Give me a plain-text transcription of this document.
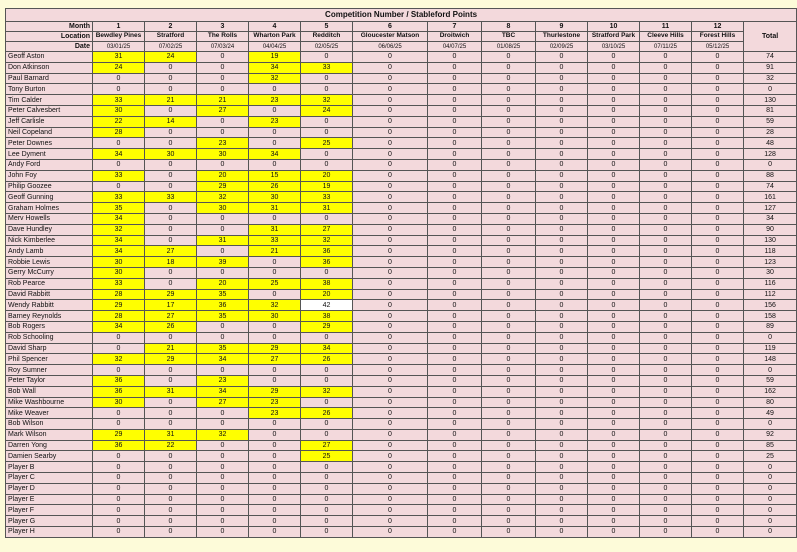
Competition Number / Stableford Points													
Month	1	2	3	4	5	6	7	8	9	10	11	12	Total
Location	Bewdley Pines	Stratford	The Rolls	Wharton Park	Redditch	Gloucester Matson	Droitwich	TBC	Thurlestone	Stratford Park	Cleeve Hills	Forest Hills	
Date	03/01/25	07/02/25	07/03/24	04/04/25	02/05/25	06/06/25	04/07/25	01/08/25	02/09/25	03/10/25	07/11/25	05/12/25	
Geoff Aston	31	24	0	19	0	0	0	0	0	0	0	0	74
Don Atkinson	24	0	0	34	33	0	0	0	0	0	0	0	91
Paul Barnard	0	0	0	32	0	0	0	0	0	0	0	0	32
Tony Burton	0	0	0	0	0	0	0	0	0	0	0	0	0
Tim Calder	33	21	21	23	32	0	0	0	0	0	0	0	130
Peter Calvesbert	30	0	27	0	24	0	0	0	0	0	0	0	81
Jeff Carlisle	22	14	0	23	0	0	0	0	0	0	0	0	59
Neil Copeland	28	0	0	0	0	0	0	0	0	0	0	0	28
Peter Downes	0	0	23	0	25	0	0	0	0	0	0	0	48
Lee Dyment	34	30	30	34	0	0	0	0	0	0	0	0	128
Andy Ford	0	0	0	0	0	0	0	0	0	0	0	0	0
John Foy	33	0	20	15	20	0	0	0	0	0	0	0	88
Philip Goozee	0	0	29	26	19	0	0	0	0	0	0	0	74
Geoff Gunning	33	33	32	30	33	0	0	0	0	0	0	0	161
Graham Holmes	35	0	30	31	31	0	0	0	0	0	0	0	127
Merv Howells	34	0	0	0	0	0	0	0	0	0	0	0	34
Dave Hundley	32	0	0	31	27	0	0	0	0	0	0	0	90
Nick Kimberlee	34	0	31	33	32	0	0	0	0	0	0	0	130
Andy Lamb	34	27	0	21	36	0	0	0	0	0	0	0	118
Robbie Lewis	30	18	39	0	36	0	0	0	0	0	0	0	123
Gerry McCurry	30	0	0	0	0	0	0	0	0	0	0	0	30
Rob Pearce	33	0	20	25	38	0	0	0	0	0	0	0	116
David Rabbitt	28	29	35	0	20	0	0	0	0	0	0	0	112
Wendy Rabbitt	29	17	36	32	42	0	0	0	0	0	0	0	156
Barney Reynolds	28	27	35	30	38	0	0	0	0	0	0	0	158
Bob Rogers	34	26	0	0	29	0	0	0	0	0	0	0	89
Rob Schooling	0	0	0	0	0	0	0	0	0	0	0	0	0
David Sharp	0	21	35	29	34	0	0	0	0	0	0	0	119
Phil Spencer	32	29	34	27	26	0	0	0	0	0	0	0	148
Roy Sumner	0	0	0	0	0	0	0	0	0	0	0	0	0
Peter Taylor	36	0	23	0	0	0	0	0	0	0	0	0	59
Bob Wall	36	31	34	29	32	0	0	0	0	0	0	0	162
Mike Washbourne	30	0	27	23	0	0	0	0	0	0	0	0	80
Mike Weaver	0	0	0	23	26	0	0	0	0	0	0	0	49
Bob Wilson	0	0	0	0	0	0	0	0	0	0	0	0	0
Mark Wilson	29	31	32	0	0	0	0	0	0	0	0	0	92
Darren Yong	36	22	0	0	27	0	0	0	0	0	0	0	85
Damien Searby	0	0	0	0	25	0	0	0	0	0	0	0	25
Player B	0	0	0	0	0	0	0	0	0	0	0	0	0
Player C	0	0	0	0	0	0	0	0	0	0	0	0	0
Player D	0	0	0	0	0	0	0	0	0	0	0	0	0
Player E	0	0	0	0	0	0	0	0	0	0	0	0	0
Player F	0	0	0	0	0	0	0	0	0	0	0	0	0
Player G	0	0	0	0	0	0	0	0	0	0	0	0	0
Player H	0	0	0	0	0	0	0	0	0	0	0	0	0
